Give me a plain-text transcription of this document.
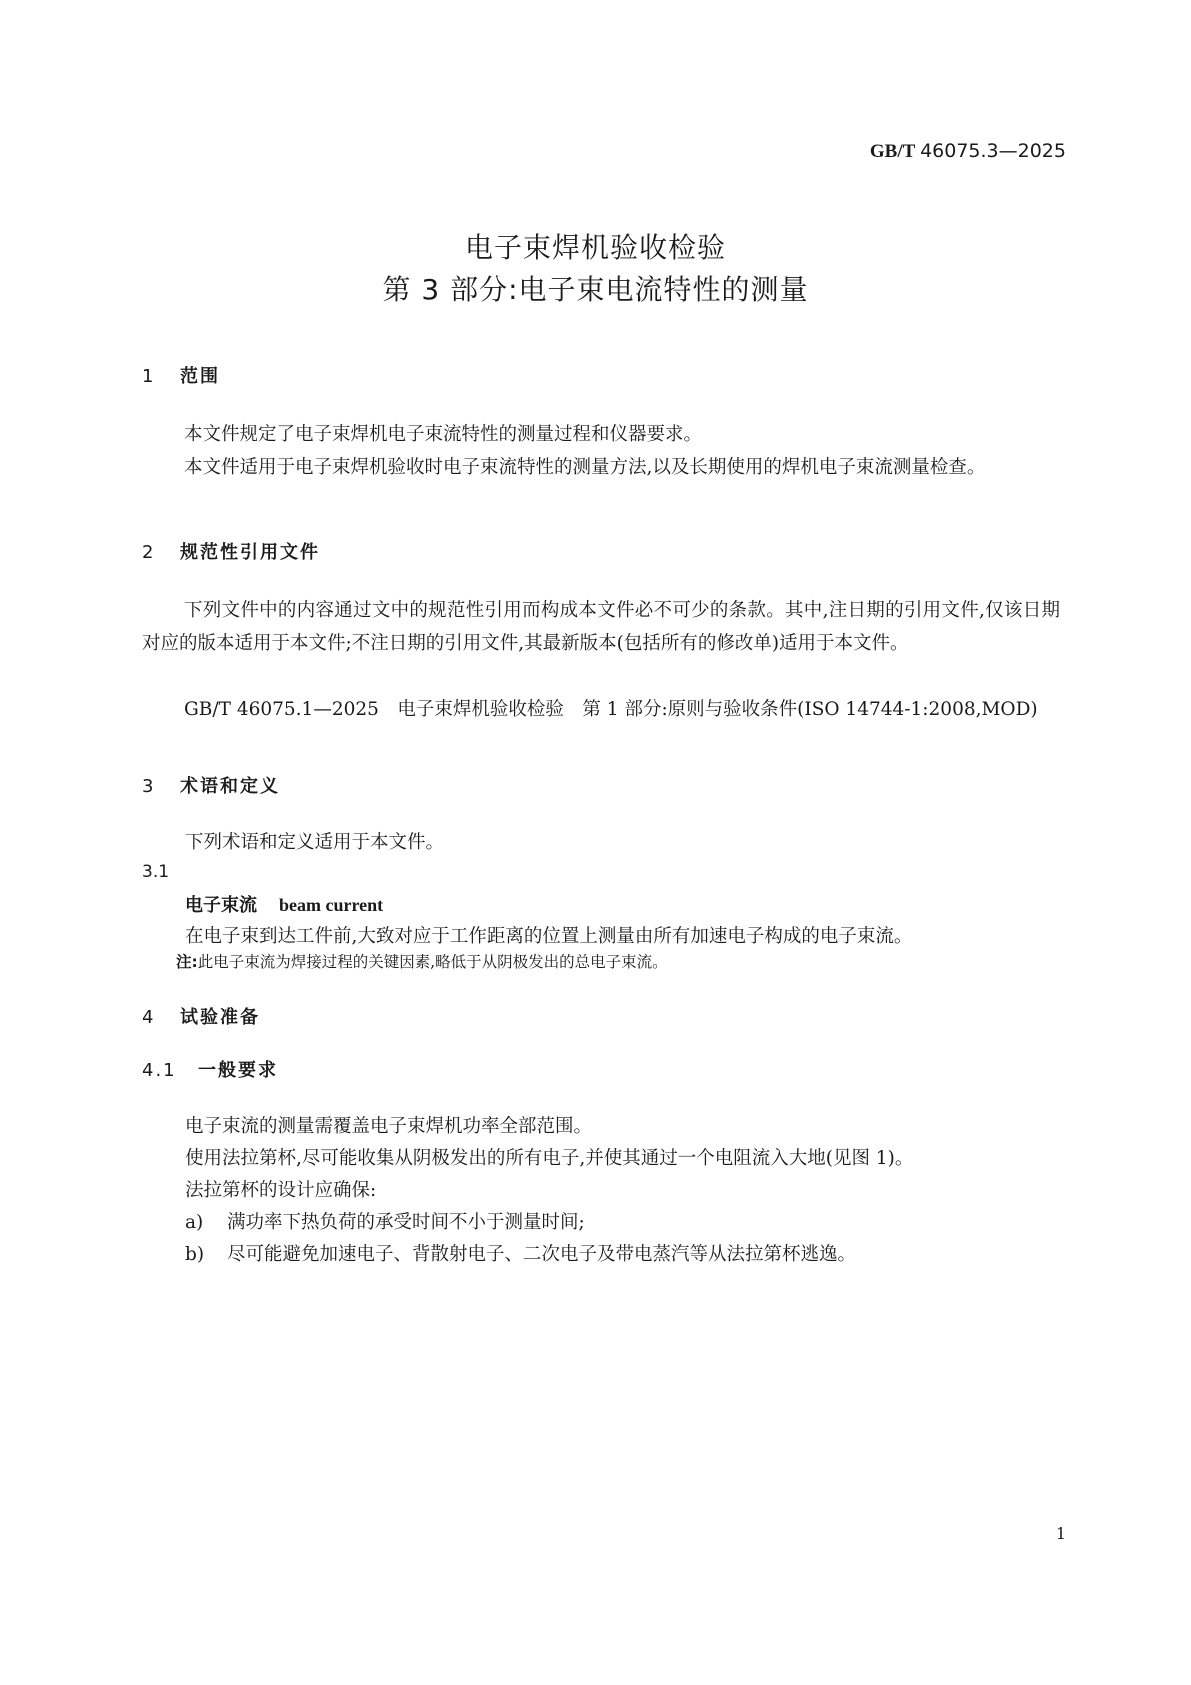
GB/T 46075.3—2025
电子束焊机验收检验
第 3 部分:电子束电流特性的测量
1 范围
本文件规定了电子束焊机电子束流特性的测量过程和仪器要求。
本文件适用于电子束焊机验收时电子束流特性的测量方法,以及长期使用的焊机电子束流测量检查。
2 规范性引用文件
下列文件中的内容通过文中的规范性引用而构成本文件必不可少的条款。其中,注日期的引用文件,仅该日期对应的版本适用于本文件;不注日期的引用文件,其最新版本(包括所有的修改单)适用于本文件。
GB/T 46075.1—2025　电子束焊机验收检验　第 1 部分:原则与验收条件(ISO 14744-1:2008,MOD)
3 术语和定义
下列术语和定义适用于本文件。
3.1
电子束流 beam current
在电子束到达工件前,大致对应于工作距离的位置上测量由所有加速电子构成的电子束流。
注:此电子束流为焊接过程的关键因素,略低于从阴极发出的总电子束流。
4 试验准备
4.1 一般要求
电子束流的测量需覆盖电子束焊机功率全部范围。
使用法拉第杯,尽可能收集从阴极发出的所有电子,并使其通过一个电阻流入大地(见图 1)。
法拉第杯的设计应确保:
a) 满功率下热负荷的承受时间不小于测量时间;
b) 尽可能避免加速电子、背散射电子、二次电子及带电蒸汽等从法拉第杯逃逸。
1
